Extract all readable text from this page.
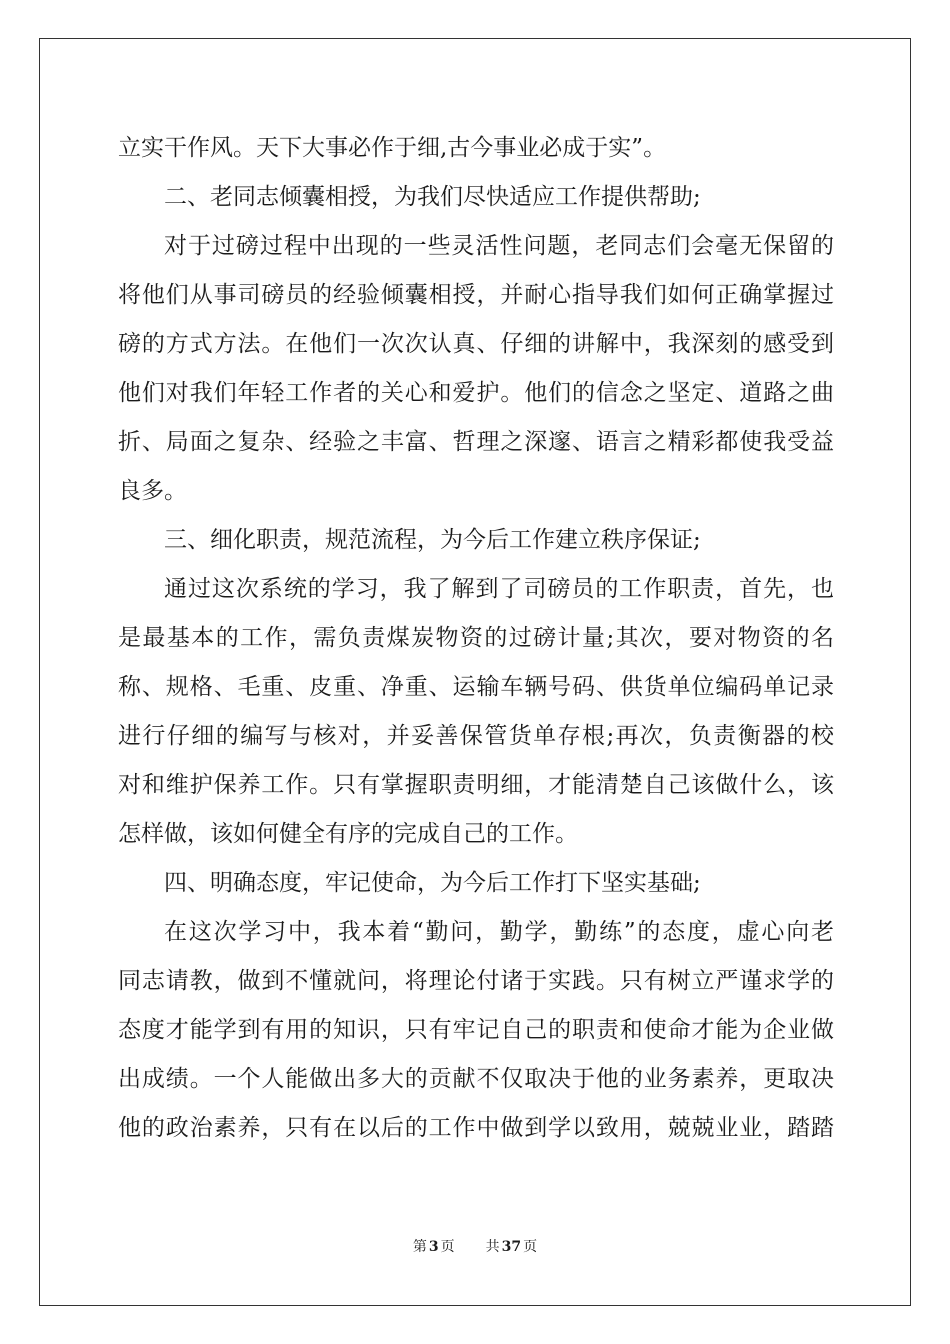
立实干作风。天下大事必作于细,古今事业必成于实”。
二、老同志倾囊相授，为我们尽快适应工作提供帮助;
对于过磅过程中出现的一些灵活性问题，老同志们会毫无保留的
将他们从事司磅员的经验倾囊相授，并耐心指导我们如何正确掌握过
磅的方式方法。在他们一次次认真、仔细的讲解中，我深刻的感受到
他们对我们年轻工作者的关心和爱护。他们的信念之坚定、道路之曲
折、局面之复杂、经验之丰富、哲理之深邃、语言之精彩都使我受益
良多。
三、细化职责，规范流程，为今后工作建立秩序保证;
通过这次系统的学习，我了解到了司磅员的工作职责，首先，也
是最基本的工作，需负责煤炭物资的过磅计量;其次，要对物资的名
称、规格、毛重、皮重、净重、运输车辆号码、供货单位编码单记录
进行仔细的编写与核对，并妥善保管货单存根;再次，负责衡器的校
对和维护保养工作。只有掌握职责明细，才能清楚自己该做什么，该
怎样做，该如何健全有序的完成自己的工作。
四、明确态度，牢记使命，为今后工作打下坚实基础;
在这次学习中，我本着“勤问，勤学，勤练”的态度，虚心向老
同志请教，做到不懂就问，将理论付诸于实践。只有树立严谨求学的
态度才能学到有用的知识，只有牢记自己的职责和使命才能为企业做
出成绩。一个人能做出多大的贡献不仅取决于他的业务素养，更取决
他的政治素养，只有在以后的工作中做到学以致用，兢兢业业，踏踏
第 3 页 共 37 页
